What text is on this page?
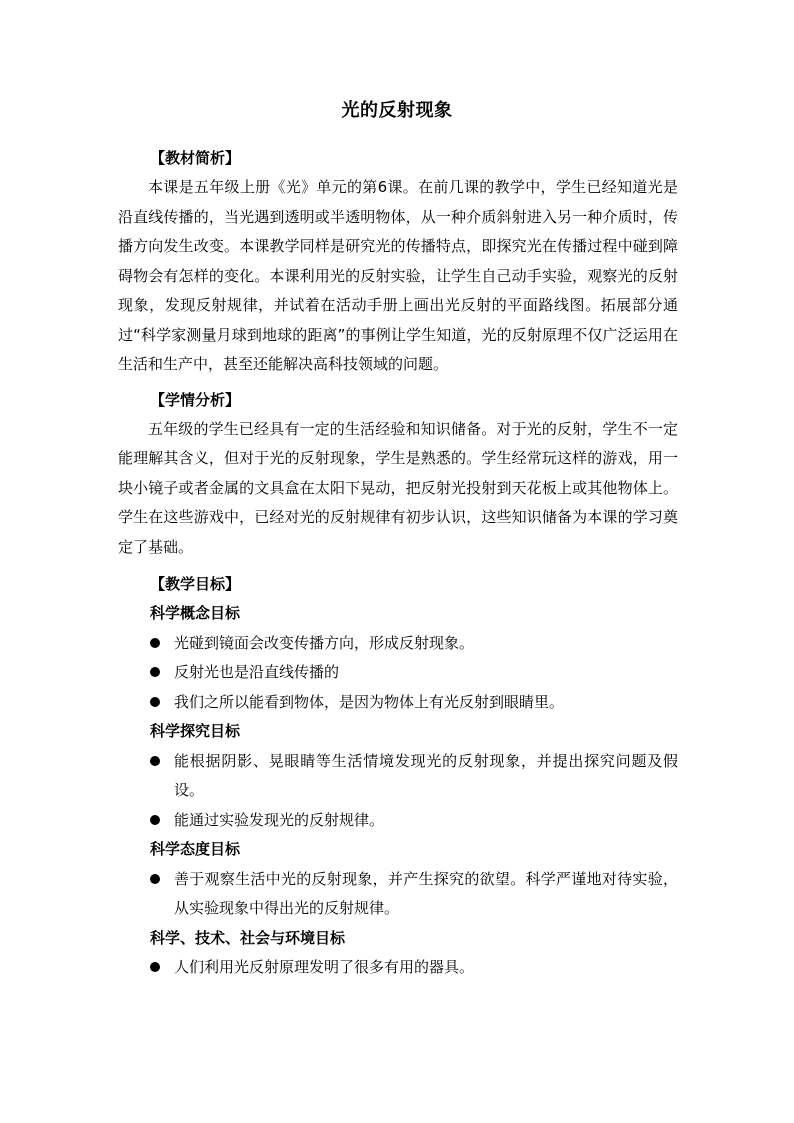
光的反射现象
【教材简析】

本课是五年级上册《光》单元的第6课。在前几课的教学中，学生已经知道光是沿直线传播的，当光遇到透明或半透明物体，从一种介质斜射进入另一种介质时，传播方向发生改变。本课教学同样是研究光的传播特点，即探究光在传播过程中碰到障碍物会有怎样的变化。本课利用光的反射实验，让学生自己动手实验，观察光的反射现象，发现反射规律，并试着在活动手册上画出光反射的平面路线图。拓展部分通过“科学家测量月球到地球的距离”的事例让学生知道，光的反射原理不仅广泛运用在生活和生产中，甚至还能解决高科技领域的问题。

【学情分析】

五年级的学生已经具有一定的生活经验和知识储备。对于光的反射，学生不一定能理解其含义，但对于光的反射现象，学生是熟悉的。学生经常玩这样的游戏，用一块小镜子或者金属的文具盒在太阳下晃动，把反射光投射到天花板上或其他物体上。学生在这些游戏中，已经对光的反射规律有初步认识，这些知识储备为本课的学习奠定了基础。

【教学目标】
科学概念目标
光碰到镜面会改变传播方向，形成反射现象。
反射光也是沿直线传播的
我们之所以能看到物体，是因为物体上有光反射到眼睛里。
科学探究目标
能根据阴影、晃眼睛等生活情境发现光的反射现象，并提出探究问题及假设。
能通过实验发现光的反射规律。
科学态度目标
善于观察生活中光的反射现象，并产生探究的欲望。科学严谨地对待实验，从实验现象中得出光的反射规律。
科学、技术、社会与环境目标
人们利用光反射原理发明了很多有用的器具。
